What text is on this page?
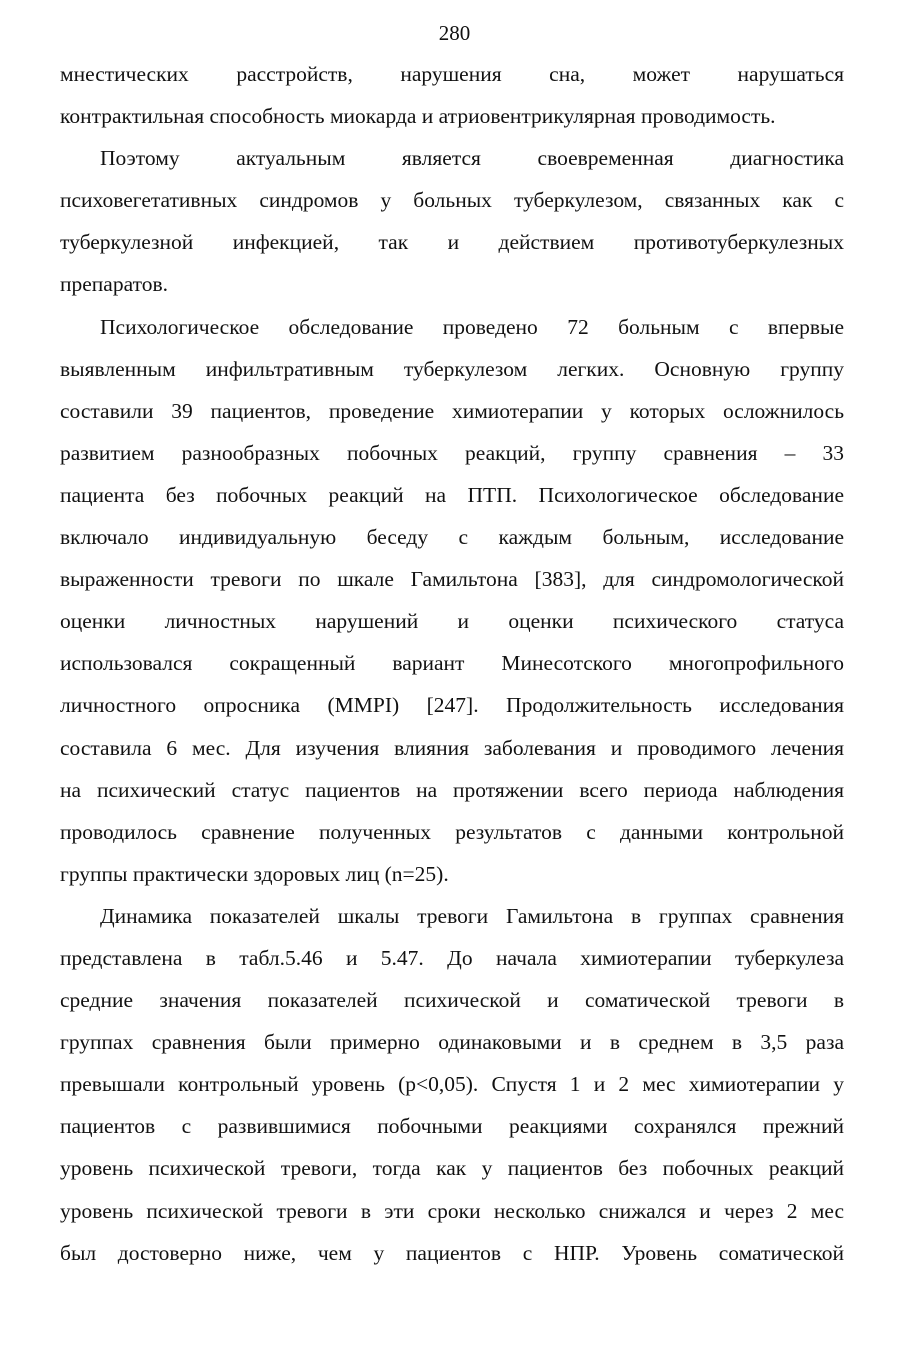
280
мнестических расстройств, нарушения сна, может нарушаться
контрактильная способность миокарда и атриовентрикулярная проводимость.
Поэтому актуальным является своевременная диагностика
психовегетативных синдромов у больных туберкулезом, связанных как с
туберкулезной инфекцией, так и действием противотуберкулезных
препаратов.
Психологическое обследование проведено 72 больным с впервые
выявленным инфильтративным туберкулезом легких. Основную группу
составили 39 пациентов, проведение химиотерапии у которых осложнилось
развитием разнообразных побочных реакций, группу сравнения – 33
пациента без побочных реакций на ПТП. Психологическое обследование
включало индивидуальную беседу с каждым больным, исследование
выраженности тревоги по шкале Гамильтона [383], для синдромологической
оценки личностных нарушений и оценки психического статуса
использовался сокращенный вариант Минесотского многопрофильного
личностного опросника (MMPI) [247]. Продолжительность исследования
составила 6 мес. Для изучения влияния заболевания и проводимого лечения
на психический статус пациентов на протяжении всего периода наблюдения
проводилось сравнение полученных результатов с данными контрольной
группы практически здоровых лиц (n=25).
Динамика показателей шкалы тревоги Гамильтона в группах сравнения
представлена в табл.5.46 и 5.47. До начала химиотерапии туберкулеза
средние значения показателей психической и соматической тревоги в
группах сравнения были примерно одинаковыми и в среднем в 3,5 раза
превышали контрольный уровень (р<0,05). Спустя 1 и 2 мес химиотерапии у
пациентов с развившимися побочными реакциями сохранялся прежний
уровень психической тревоги, тогда как у пациентов без побочных реакций
уровень психической тревоги в эти сроки несколько снижался и через 2 мес
был достоверно ниже, чем у пациентов с НПР. Уровень соматической
